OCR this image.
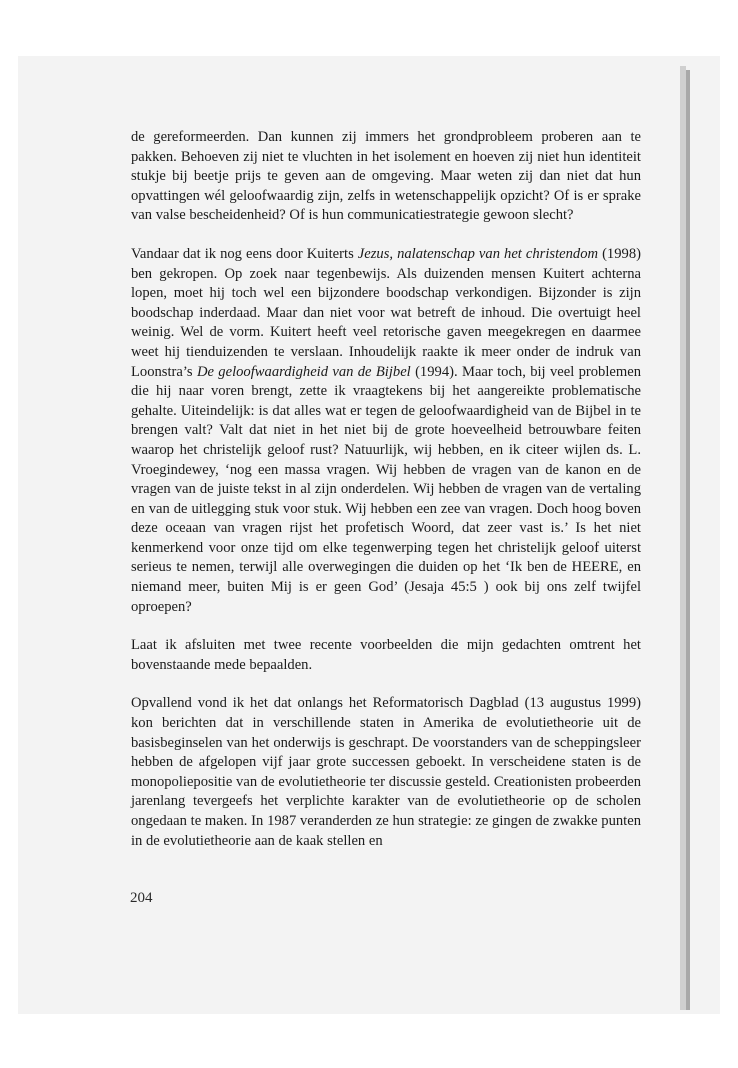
de gereformeerden. Dan kunnen zij immers het grondprobleem proberen aan te pakken. Behoeven zij niet te vluchten in het isolement en hoeven zij niet hun identiteit stukje bij beetje prijs te geven aan de omgeving. Maar weten zij dan niet dat hun opvattingen wél geloofwaardig zijn, zelfs in wetenschappelijk opzicht? Of is er sprake van valse bescheidenheid? Of is hun communicatiestrategie gewoon slecht?

Vandaar dat ik nog eens door Kuiterts Jezus, nalatenschap van het christendom (1998) ben gekropen. Op zoek naar tegenbewijs. Als duizenden mensen Kuitert achterna lopen, moet hij toch wel een bijzondere boodschap verkondigen. Bijzonder is zijn boodschap inderdaad. Maar dan niet voor wat betreft de inhoud. Die overtuigt heel weinig. Wel de vorm. Kuitert heeft veel retorische gaven meegekregen en daarmee weet hij tienduizenden te verslaan. Inhoudelijk raakte ik meer onder de indruk van Loonstra’s De geloofwaardigheid van de Bijbel (1994). Maar toch, bij veel problemen die hij naar voren brengt, zette ik vraagtekens bij het aangereikte problematische gehalte. Uiteindelijk: is dat alles wat er tegen de geloofwaardigheid van de Bijbel in te brengen valt? Valt dat niet in het niet bij de grote hoeveelheid betrouwbare feiten waarop het christelijk geloof rust? Natuurlijk, wij hebben, en ik citeer wijlen ds. L. Vroegindewey, ‘nog een massa vragen. Wij hebben de vragen van de kanon en de vragen van de juiste tekst in al zijn onderdelen. Wij hebben de vragen van de vertaling en van de uitlegging stuk voor stuk. Wij hebben een zee van vragen. Doch hoog boven deze oceaan van vragen rijst het profetisch Woord, dat zeer vast is.’ Is het niet kenmerkend voor onze tijd om elke tegenwerping tegen het christelijk geloof uiterst serieus te nemen, terwijl alle overwegingen die duiden op het ‘Ik ben de HEERE, en niemand meer, buiten Mij is er geen God’ (Jesaja 45:5 ) ook bij ons zelf twijfel oproepen?

Laat ik afsluiten met twee recente voorbeelden die mijn gedachten omtrent het bovenstaande mede bepaalden.

Opvallend vond ik het dat onlangs het Reformatorisch Dagblad (13 augustus 1999) kon berichten dat in verschillende staten in Amerika de evolutietheorie uit de basisbeginselen van het onderwijs is geschrapt. De voorstanders van de scheppingsleer hebben de afgelopen vijf jaar grote successen geboekt. In verscheidene staten is de monopoliepositie van de evolutietheorie ter discussie gesteld. Creationisten probeerden jarenlang tevergeefs het verplichte karakter van de evolutietheorie op de scholen ongedaan te maken. In 1987 veranderden ze hun strategie: ze gingen de zwakke punten in de evolutietheorie aan de kaak stellen en

204
